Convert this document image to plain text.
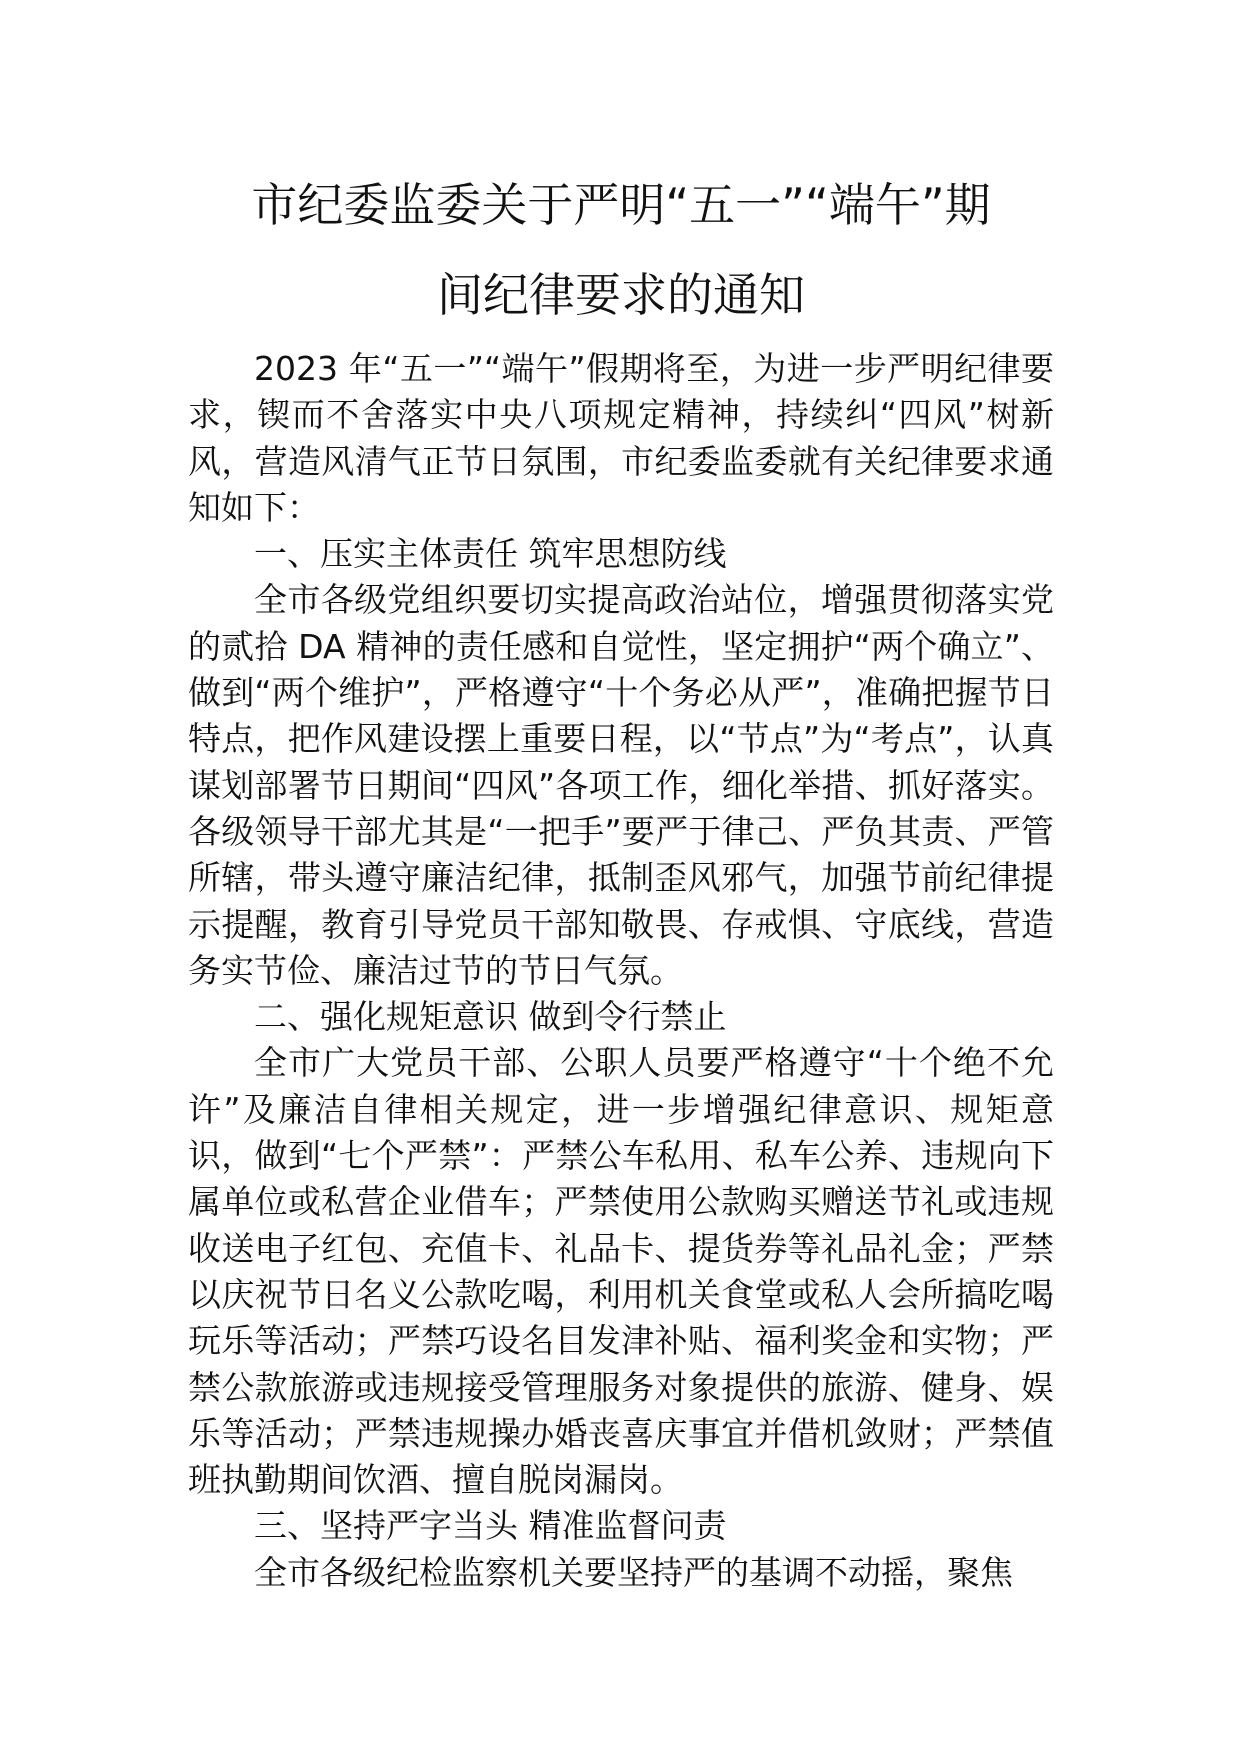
市纪委监委关于严明“五一”“端午”期
间纪律要求的通知

2023 年“五一”“端午”假期将至，为进一步严明纪律要求，锲而不舍落实中央八项规定精神，持续纠“四风”树新风，营造风清气正节日氛围，市纪委监委就有关纪律要求通知如下：

一、压实主体责任 筑牢思想防线

全市各级党组织要切实提高政治站位，增强贯彻落实党的贰拾 DA 精神的责任感和自觉性，坚定拥护“两个确立”、做到“两个维护”，严格遵守“十个务必从严”，准确把握节日特点，把作风建设摆上重要日程，以“节点”为“考点”，认真谋划部署节日期间“四风”各项工作，细化举措、抓好落实。各级领导干部尤其是“一把手”要严于律己、严负其责、严管所辖，带头遵守廉洁纪律，抵制歪风邪气，加强节前纪律提示提醒，教育引导党员干部知敬畏、存戒惧、守底线，营造务实节俭、廉洁过节的节日气氛。

二、强化规矩意识 做到令行禁止

全市广大党员干部、公职人员要严格遵守“十个绝不允许”及廉洁自律相关规定，进一步增强纪律意识、规矩意识，做到“七个严禁”：严禁公车私用、私车公养、违规向下属单位或私营企业借车；严禁使用公款购买赠送节礼或违规收送电子红包、充值卡、礼品卡、提货券等礼品礼金；严禁以庆祝节日名义公款吃喝，利用机关食堂或私人会所搞吃喝玩乐等活动；严禁巧设名目发津补贴、福利奖金和实物；严禁公款旅游或违规接受管理服务对象提供的旅游、健身、娱乐等活动；严禁违规操办婚丧喜庆事宜并借机敛财；严禁值班执勤期间饮酒、擅自脱岗漏岗。

三、坚持严字当头 精准监督问责

全市各级纪检监察机关要坚持严的基调不动摇，聚焦
